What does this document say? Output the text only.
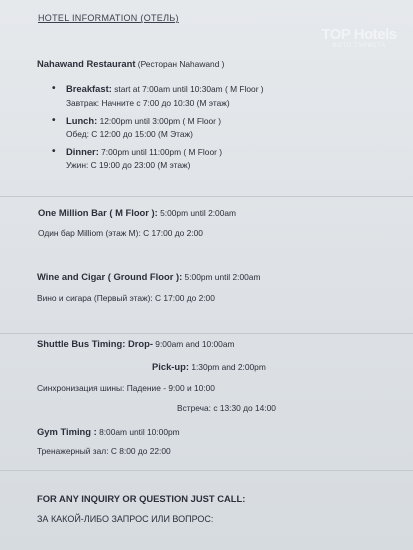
TOP Hotels
ФОТО ТУРИСТА
HOTEL INFORMATION (ОТЕЛЬ)
Nahawand Restaurant (Ресторан Nahawand )
• Breakfast: start at 7:00am until 10:30am ( M Floor )
Завтрак: Начните с 7:00 до 10:30 (М этаж)
• Lunch: 12:00pm until 3:00pm ( M Floor )
Обед: С 12:00 до 15:00 (М Этаж)
• Dinner: 7:00pm until 11:00pm ( M Floor )
Ужин: С 19:00 до 23:00 (М этаж)
One Million Bar ( M Floor ): 5:00pm until 2:00am
Один бар Milliom (этаж М): С 17:00 до 2:00
Wine and Cigar ( Ground Floor ): 5:00pm until 2:00am
Вино и сигара (Первый этаж): С 17:00 до 2:00
Shuttle Bus Timing: Drop- 9:00am and 10:00am
Pick-up: 1:30pm and 2:00pm
Синхронизация шины: Падение - 9:00 и 10:00
Встреча: с 13:30 до 14:00
Gym Timing : 8:00am until 10:00pm
Тренажерный зал: С 8:00 до 22:00
FOR ANY INQUIRY OR QUESTION JUST CALL:
ЗА КАКОЙ-ЛИБО ЗАПРОС ИЛИ ВОПРОС:
